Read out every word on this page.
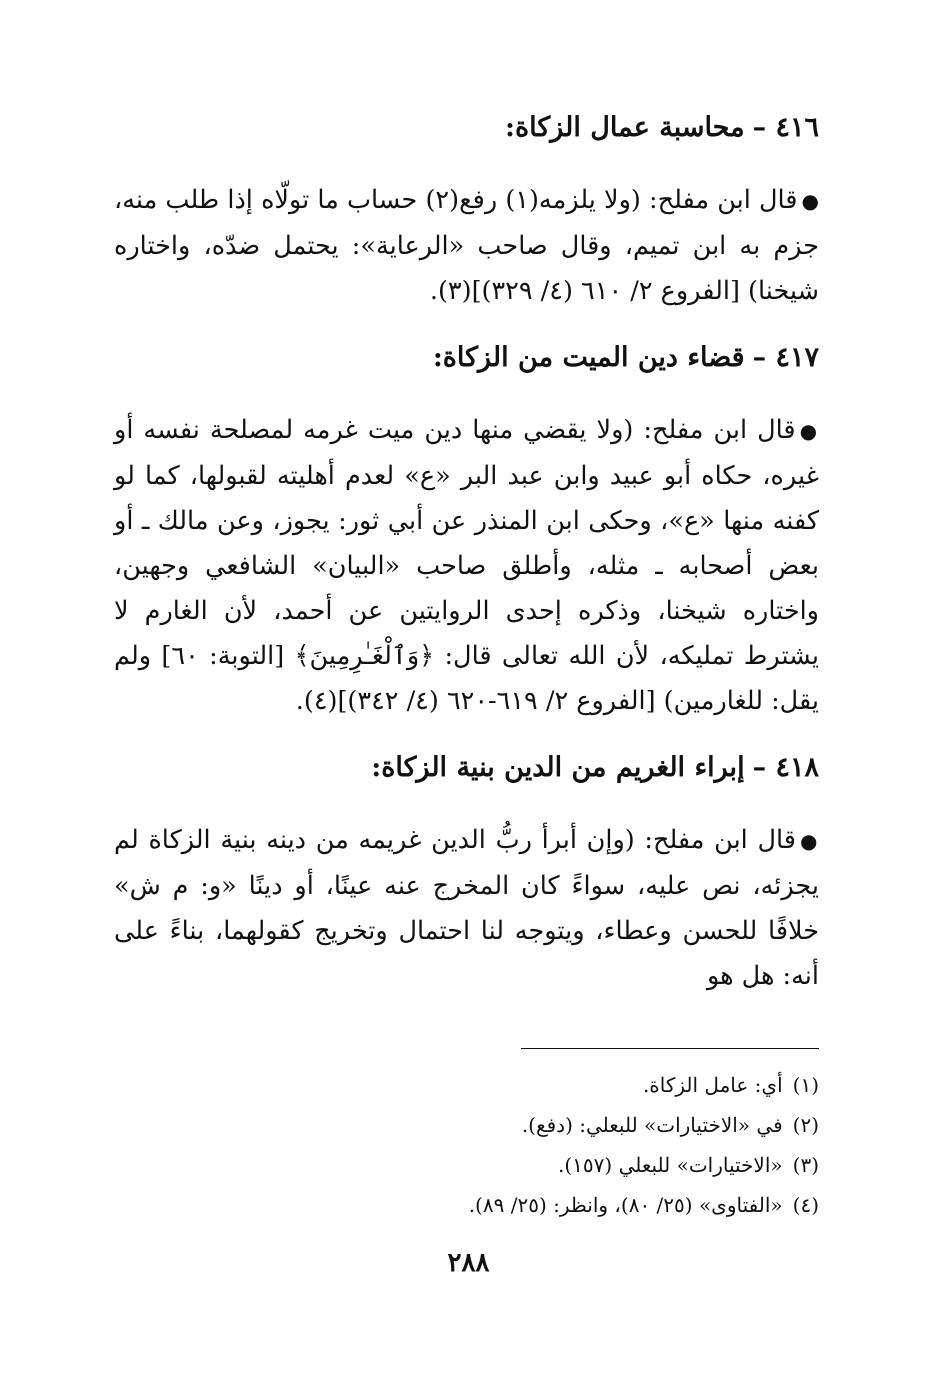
٤١٦ –محاسبة عمال الزكاة:

●قال ابن مفلح: (ولا يلزمه(١) رفع(٢) حساب ما تولّاه إذا طلب منه، جزم به ابن تميم، وقال صاحب «الرعاية»: يحتمل ضدّه، واختاره شيخنا) [الفروع ٢/ ٦١٠ (٤/ ٣٢٩)](٣).

٤١٧ –قضاء دين الميت من الزكاة:

●قال ابن مفلح: (ولا يقضي منها دين ميت غرمه لمصلحة نفسه أو غيره، حكاه أبو عبيد وابن عبد البر «ع» لعدم أهليته لقبولها، كما لو كفنه منها «ع»، وحكى ابن المنذر عن أبي ثور: يجوز، وعن مالك ـ أو بعض أصحابه ـ مثله، وأطلق صاحب «البيان» الشافعي وجهين، واختاره شيخنا، وذكره إحدى الروايتين عن أحمد، لأن الغارم لا يشترط تمليكه، لأن الله تعالى قال: ﴿وَٱلْغَـٰرِمِينَ﴾ [التوبة: ٦٠] ولم يقل: للغارمين) [الفروع ٢/ ٦١٩-٦٢٠ (٤/ ٣٤٢)](٤).

٤١٨ –إبراء الغريم من الدين بنية الزكاة:

●قال ابن مفلح: (وإن أبرأ ربُّ الدين غريمه من دينه بنية الزكاة لم يجزئه، نص عليه، سواءً كان المخرج عنه عينًا، أو دينًا «و: م ش» خلافًا للحسن وعطاء، ويتوجه لنا احتمال وتخريج كقولهما، بناءً على أنه: هل هو

(١)أي: عامل الزكاة.

(٢)في «الاختيارات» للبعلي: (دفع).

(٣)«الاختيارات» للبعلي (١٥٧).

(٤)«الفتاوى» (٢٥/ ٨٠)، وانظر: (٢٥/ ٨٩).

٢٨٨
